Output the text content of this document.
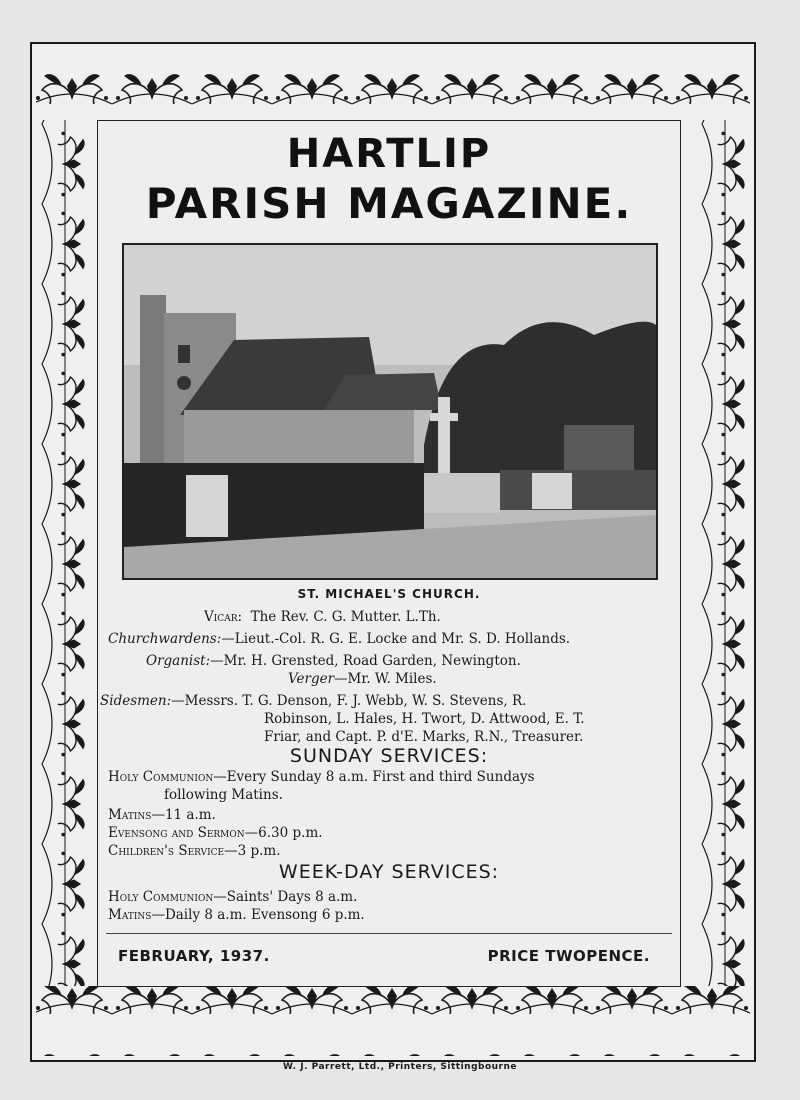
HARTLIP
PARISH MAGAZINE.
ST. MICHAEL'S CHURCH.
Vicar: The Rev. C. G. Mutter. L.Th.
Churchwardens:—Lieut.-Col. R. G. E. Locke and Mr. S. D. Hollands.
Organist:—Mr. H. Grensted, Road Garden, Newington.
Verger—Mr. W. Miles.
Sidesmen:—Messrs. T. G. Denson, F. J. Webb, W. S. Stevens, R.
Robinson, L. Hales, H. Twort, D. Attwood, E. T.
Friar, and Capt. P. d'E. Marks, R.N., Treasurer.
SUNDAY SERVICES:
Holy Communion—Every Sunday 8 a.m. First and third Sundays
following Matins.
Matins—11 a.m.
Evensong and Sermon—6.30 p.m.
Children's Service—3 p.m.
WEEK-DAY SERVICES:
Holy Communion—Saints' Days 8 a.m.
Matins—Daily 8 a.m. Evensong 6 p.m.
FEBRUARY, 1937.	PRICE TWOPENCE.
W. J. Parrett, Ltd., Printers, Sittingbourne
